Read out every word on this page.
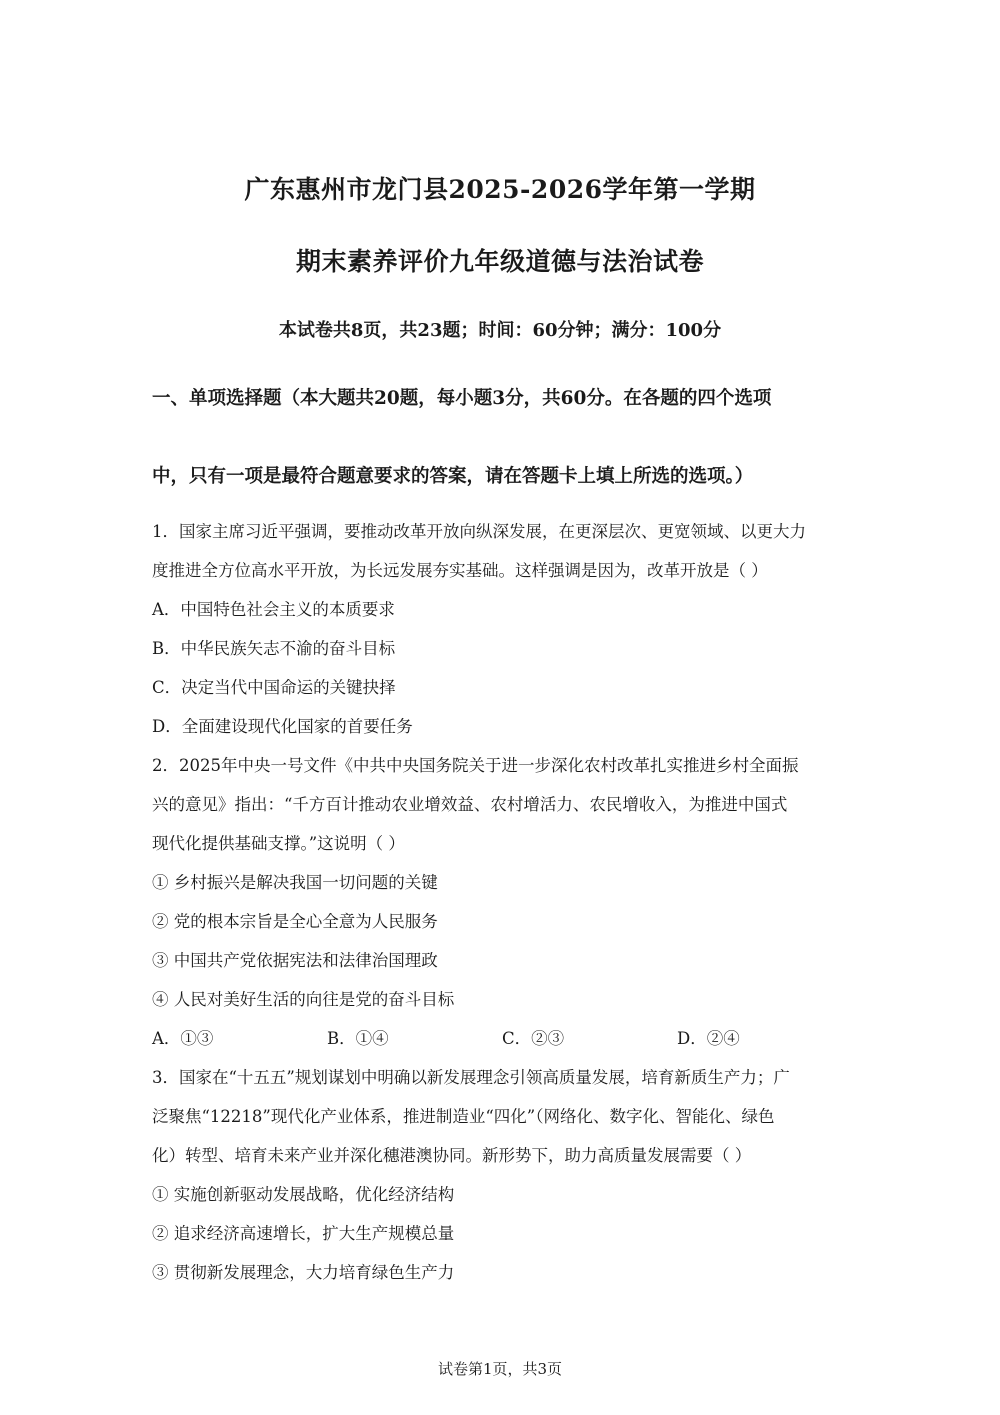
广东惠州市龙门县2025-2026学年第一学期
期末素养评价九年级道德与法治试卷
本试卷共8页，共23题；时间：60分钟；满分：100分
一、单项选择题（本大题共20题，每小题3分，共60分。在各题的四个选项
中，只有一项是最符合题意要求的答案，请在答题卡上填上所选的选项。）
1．国家主席习近平强调，要推动改革开放向纵深发展，在更深层次、更宽领域、以更大力
度推进全方位高水平开放，为长远发展夯实基础。这样强调是因为，改革开放是（ ）
A．中国特色社会主义的本质要求
B．中华民族矢志不渝的奋斗目标
C．决定当代中国命运的关键抉择
D．全面建设现代化国家的首要任务
2．2025年中央一号文件《中共中央国务院关于进一步深化农村改革扎实推进乡村全面振
兴的意见》指出：“千方百计推动农业增效益、农村增活力、农民增收入，为推进中国式
现代化提供基础支撑。”这说明（ ）
① 乡村振兴是解决我国一切问题的关键
② 党的根本宗旨是全心全意为人民服务
③ 中国共产党依据宪法和法律治国理政
④ 人民对美好生活的向往是党的奋斗目标
A．①③	B．①④	C．②③	D．②④
3．国家在“十五五”规划谋划中明确以新发展理念引领高质量发展，培育新质生产力；广
泛聚焦“12218”现代化产业体系，推进制造业“四化”（网络化、数字化、智能化、绿色
化）转型、培育未来产业并深化穗港澳协同。新形势下，助力高质量发展需要（ ）
① 实施创新驱动发展战略，优化经济结构
② 追求经济高速增长，扩大生产规模总量
③ 贯彻新发展理念，大力培育绿色生产力
试卷第1页，共3页
